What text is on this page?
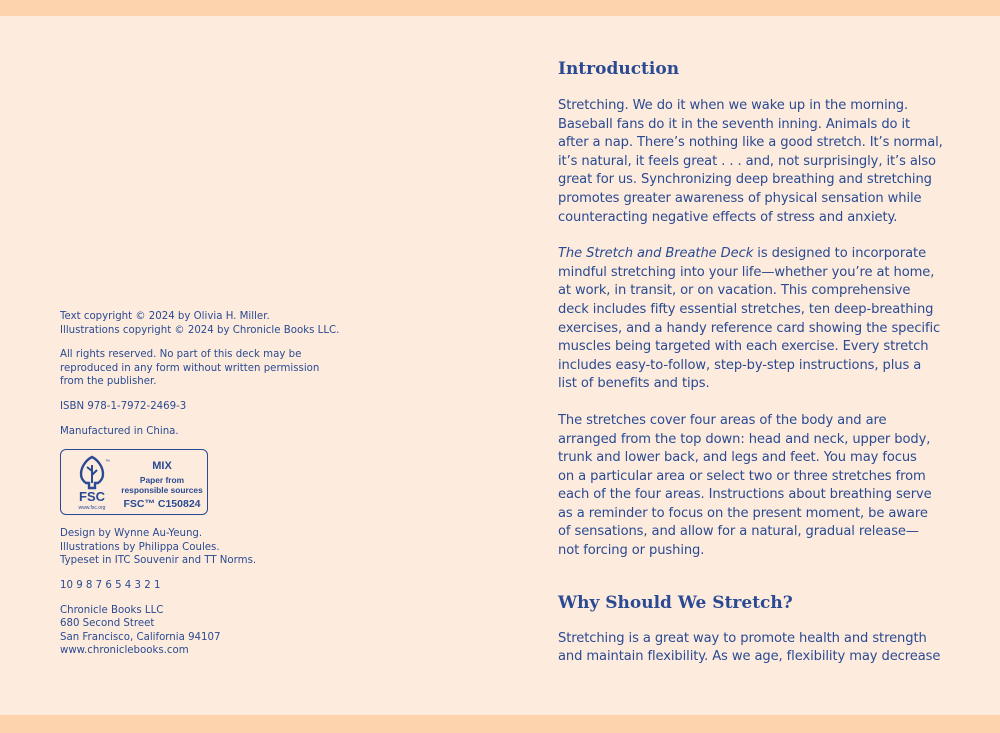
Text copyright © 2024 by Olivia H. Miller.
Illustrations copyright © 2024 by Chronicle Books LLC.

All rights reserved. No part of this deck may be
reproduced in any form without written permission
from the publisher.

ISBN 978-1-7972-2469-3

Manufactured in China.

™
FSC
www.fsc.org
MIX
Paper from
responsible sources
FSC™ C150824

Design by Wynne Au-Yeung.
Illustrations by Philippa Coules.
Typeset in ITC Souvenir and TT Norms.

10 9 8 7 6 5 4 3 2 1

Chronicle Books LLC
680 Second Street
San Francisco, California 94107
www.chroniclebooks.com

Introduction

Stretching. We do it when we wake up in the morning.
Baseball fans do it in the seventh inning. Animals do it
after a nap. There’s nothing like a good stretch. It’s normal,
it’s natural, it feels great . . . and, not surprisingly, it’s also
great for us. Synchronizing deep breathing and stretching
promotes greater awareness of physical sensation while
counteracting negative effects of stress and anxiety.

The Stretch and Breathe Deck is designed to incorporate
mindful stretching into your life—whether you’re at home,
at work, in transit, or on vacation. This comprehensive
deck includes fifty essential stretches, ten deep-breathing
exercises, and a handy reference card showing the specific
muscles being targeted with each exercise. Every stretch
includes easy-to-follow, step-by-step instructions, plus a
list of benefits and tips.

The stretches cover four areas of the body and are
arranged from the top down: head and neck, upper body,
trunk and lower back, and legs and feet. You may focus
on a particular area or select two or three stretches from
each of the four areas. Instructions about breathing serve
as a reminder to focus on the present moment, be aware
of sensations, and allow for a natural, gradual release—
not forcing or pushing.

Why Should We Stretch?

Stretching is a great way to promote health and strength
and maintain flexibility. As we age, flexibility may decrease
